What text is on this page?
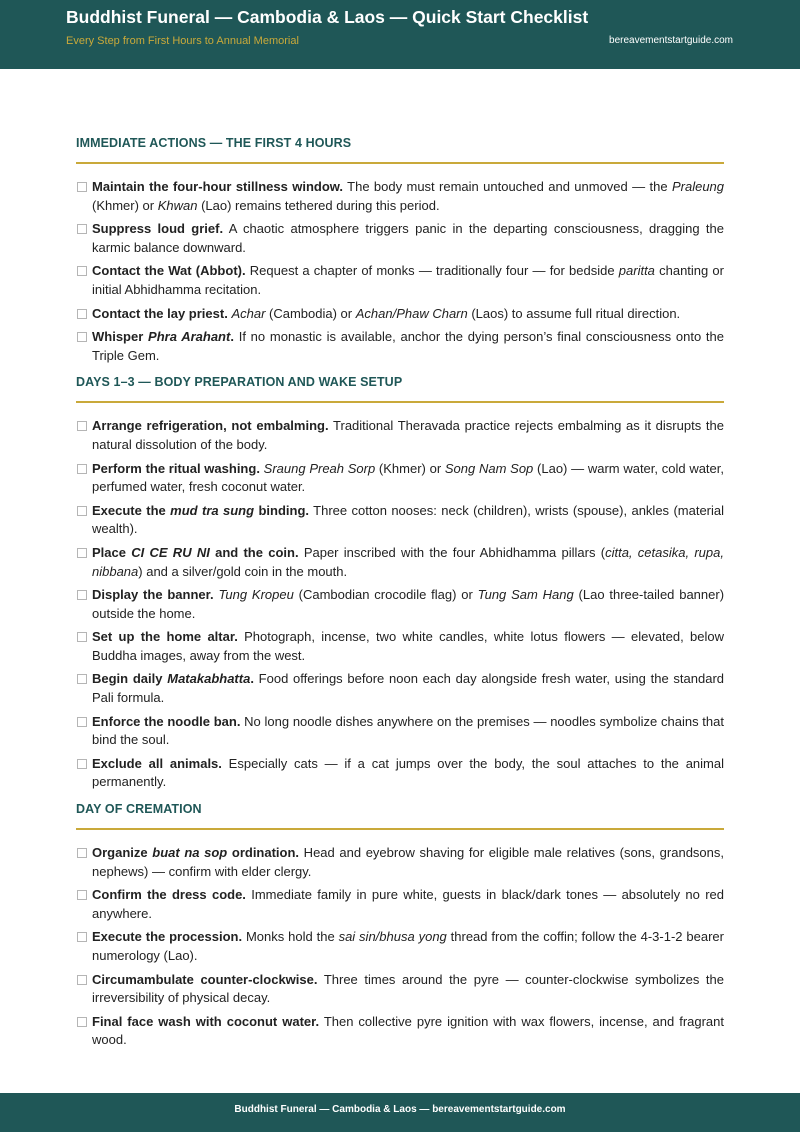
Buddhist Funeral — Cambodia & Laos — Quick Start Checklist
Every Step from First Hours to Annual Memorial	bereavementstartguide.com
IMMEDIATE ACTIONS — THE FIRST 4 HOURS
Maintain the four-hour stillness window. The body must remain untouched and unmoved — the Praleung (Khmer) or Khwan (Lao) remains tethered during this period.
Suppress loud grief. A chaotic atmosphere triggers panic in the departing consciousness, dragging the karmic balance downward.
Contact the Wat (Abbot). Request a chapter of monks — traditionally four — for bedside paritta chanting or initial Abhidhamma recitation.
Contact the lay priest. Achar (Cambodia) or Achan/Phaw Charn (Laos) to assume full ritual direction.
Whisper Phra Arahant. If no monastic is available, anchor the dying person’s final consciousness onto the Triple Gem.
DAYS 1–3 — BODY PREPARATION AND WAKE SETUP
Arrange refrigeration, not embalming. Traditional Theravada practice rejects embalming as it disrupts the natural dissolution of the body.
Perform the ritual washing. Sraung Preah Sorp (Khmer) or Song Nam Sop (Lao) — warm water, cold water, perfumed water, fresh coconut water.
Execute the mud tra sung binding. Three cotton nooses: neck (children), wrists (spouse), ankles (material wealth).
Place CI CE RU NI and the coin. Paper inscribed with the four Abhidhamma pillars (citta, cetasika, rupa, nibbana) and a silver/gold coin in the mouth.
Display the banner. Tung Kropeu (Cambodian crocodile flag) or Tung Sam Hang (Lao three-tailed banner) outside the home.
Set up the home altar. Photograph, incense, two white candles, white lotus flowers — elevated, below Buddha images, away from the west.
Begin daily Matakabhatta. Food offerings before noon each day alongside fresh water, using the standard Pali formula.
Enforce the noodle ban. No long noodle dishes anywhere on the premises — noodles symbolize chains that bind the soul.
Exclude all animals. Especially cats — if a cat jumps over the body, the soul attaches to the animal permanently.
DAY OF CREMATION
Organize buat na sop ordination. Head and eyebrow shaving for eligible male relatives (sons, grandsons, nephews) — confirm with elder clergy.
Confirm the dress code. Immediate family in pure white, guests in black/dark tones — absolutely no red anywhere.
Execute the procession. Monks hold the sai sin/bhusa yong thread from the coffin; follow the 4-3-1-2 bearer numerology (Lao).
Circumambulate counter-clockwise. Three times around the pyre — counter-clockwise symbolizes the irreversibility of physical decay.
Final face wash with coconut water. Then collective pyre ignition with wax flowers, incense, and fragrant wood.
Buddhist Funeral — Cambodia & Laos — bereavementstartguide.com
